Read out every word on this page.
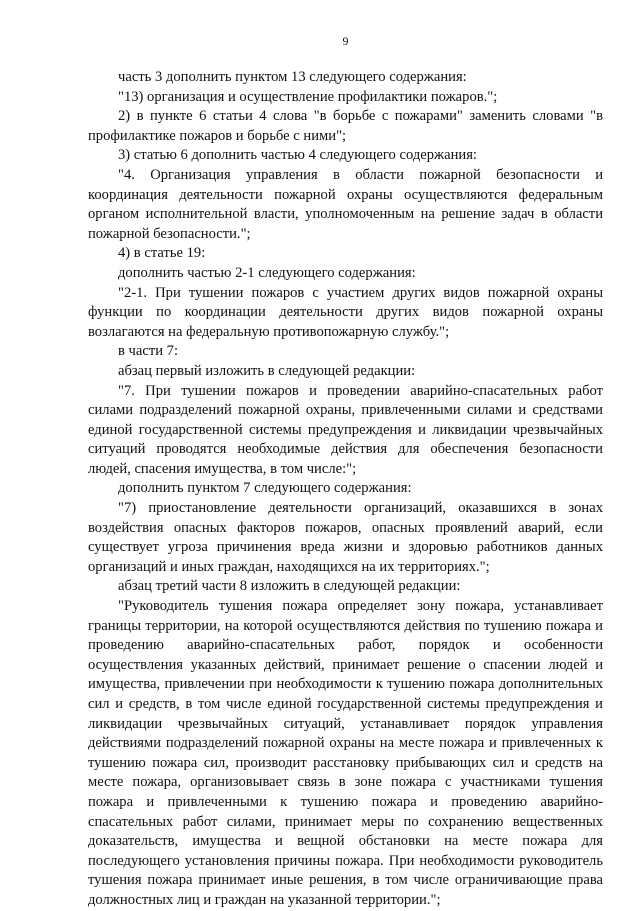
9

часть 3 дополнить пунктом 13 следующего содержания:

"13) организация и осуществление профилактики пожаров.";

2) в пункте 6 статьи 4 слова "в борьбе с пожарами" заменить словами "в профилактике пожаров и борьбе с ними";

3) статью 6 дополнить частью 4 следующего содержания:

"4. Организация управления в области пожарной безопасности и координация деятельности пожарной охраны осуществляются федеральным органом исполнительной власти, уполномоченным на решение задач в области пожарной безопасности.";

4) в статье 19:

дополнить частью 2-1 следующего содержания:

"2-1. При тушении пожаров с участием других видов пожарной охраны функции по координации деятельности других видов пожарной охраны возлагаются на федеральную противопожарную службу.";

в части 7:

абзац первый изложить в следующей редакции:

"7. При тушении пожаров и проведении аварийно-спасательных работ силами подразделений пожарной охраны, привлеченными силами и средствами единой государственной системы предупреждения и ликвидации чрезвычайных ситуаций проводятся необходимые действия для обеспечения безопасности людей, спасения имущества, в том числе:";

дополнить пунктом 7 следующего содержания:

"7) приостановление деятельности организаций, оказавшихся в зонах воздействия опасных факторов пожаров, опасных проявлений аварий, если существует угроза причинения вреда жизни и здоровью работников данных организаций и иных граждан, находящихся на их территориях.";

абзац третий части 8 изложить в следующей редакции:

"Руководитель тушения пожара определяет зону пожара, устанавливает границы территории, на которой осуществляются действия по тушению пожара и проведению аварийно-спасательных работ, порядок и особенности осуществления указанных действий, принимает решение о спасении людей и имущества, привлечении при необходимости к тушению пожара дополнительных сил и средств, в том числе единой государственной системы предупреждения и ликвидации чрезвычайных ситуаций, устанавливает порядок управления действиями подразделений пожарной охраны на месте пожара и привлеченных к тушению пожара сил, производит расстановку прибывающих сил и средств на месте пожара, организовывает связь в зоне пожара с участниками тушения пожара и привлеченными к тушению пожара и проведению аварийно-спасательных работ силами, принимает меры по сохранению вещественных доказательств, имущества и вещной обстановки на месте пожара для последующего установления причины пожара. При необходимости руководитель тушения пожара принимает иные решения, в том числе ограничивающие права должностных лиц и граждан на указанной территории.";
